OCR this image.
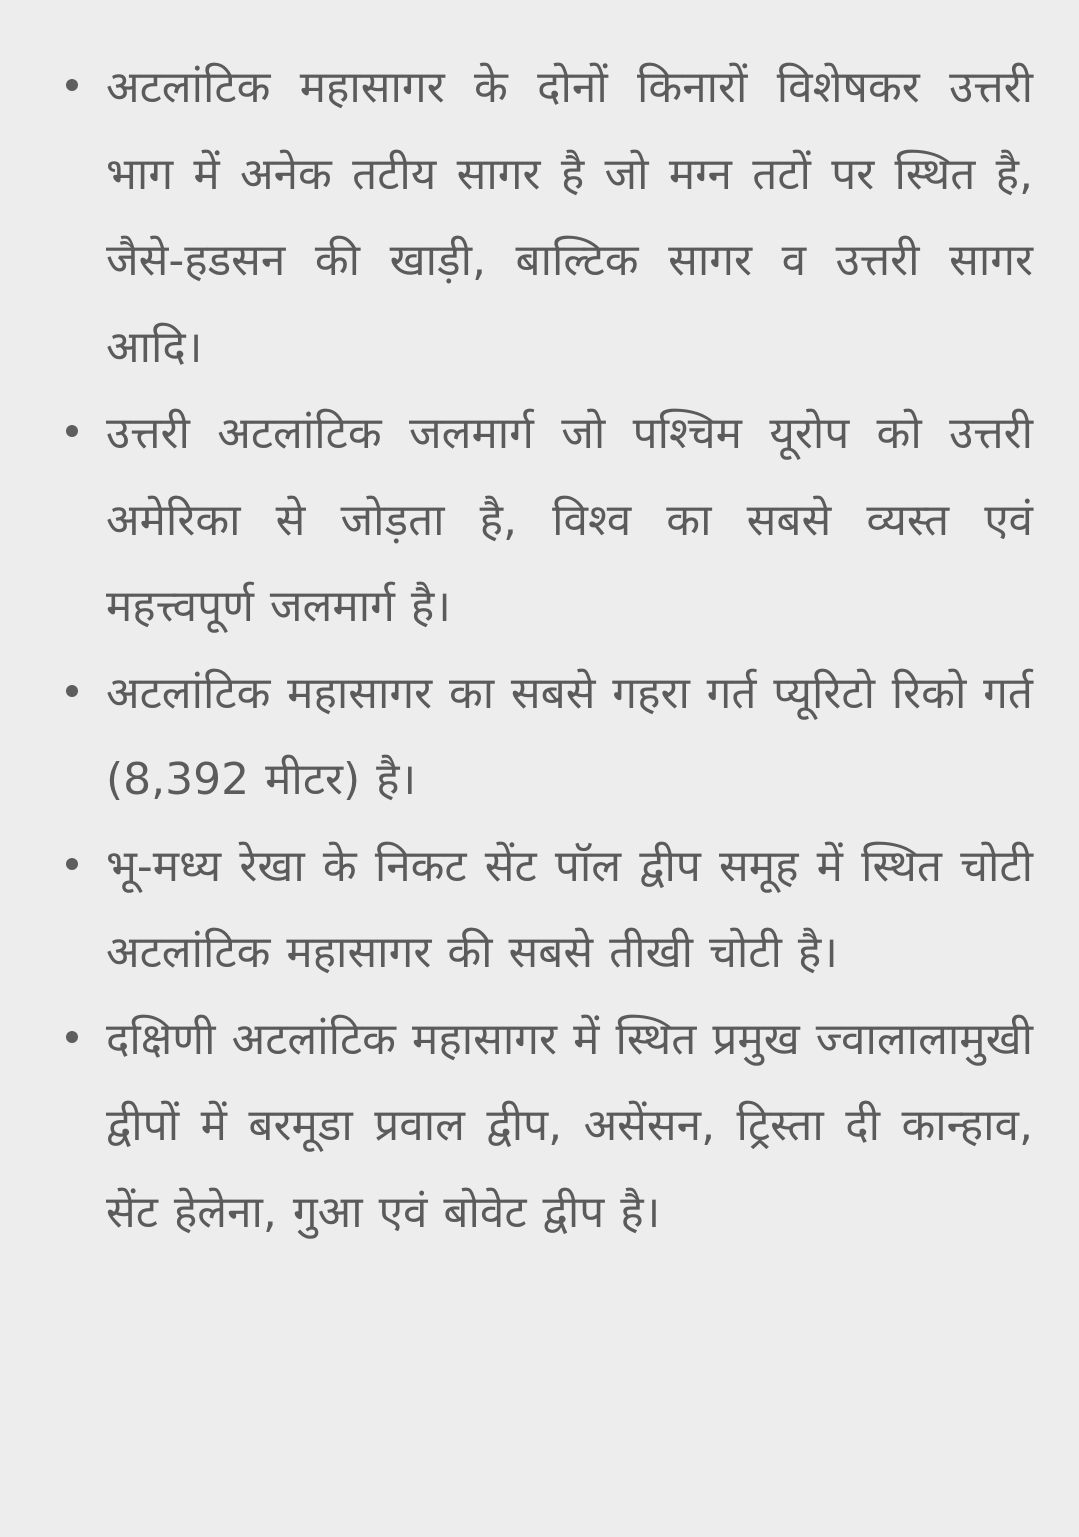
अटलांटिक महासागर के दोनों किनारों विशेषकर उत्तरी भाग में अनेक तटीय सागर है जो मग्न तटों पर स्थित है, जैसे-हडसन की खाड़ी, बाल्टिक सागर व उत्तरी सागर आदि।
उत्तरी अटलांटिक जलमार्ग जो पश्चिम यूरोप को उत्तरी अमेरिका से जोड़ता है, विश्व का सबसे व्यस्त एवं महत्त्वपूर्ण जलमार्ग है।
अटलांटिक महासागर का सबसे गहरा गर्त प्यूरिटो रिको गर्त (8,392 मीटर) है।
भू-मध्य रेखा के निकट सेंट पॉल द्वीप समूह में स्थित चोटी अटलांटिक महासागर की सबसे तीखी चोटी है।
दक्षिणी अटलांटिक महासागर में स्थित प्रमुख ज्वालालामुखी द्वीपों में बरमूडा प्रवाल द्वीप, असेंसन, ट्रिस्ता दी कान्हाव, सेंट हेलेना, गुआ एवं बोवेट द्वीप है।
